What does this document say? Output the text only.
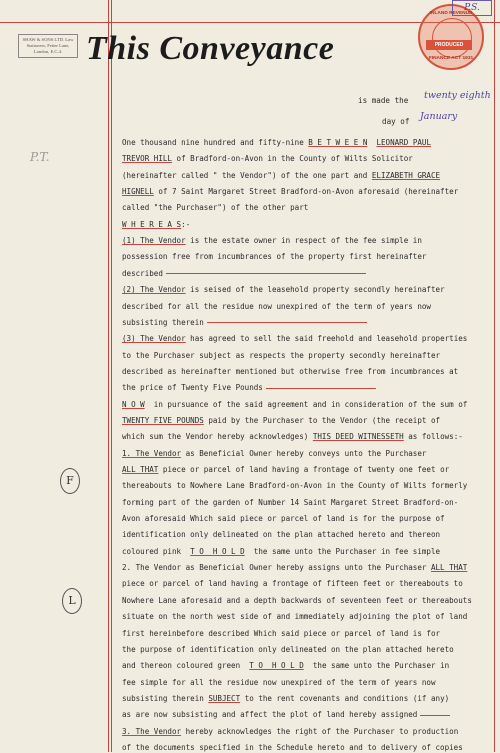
SHAW & SONS LTD. Law Stationers, Fetter Lane, London, E.C.4. This Conveyance
INLAND REVENUE
FINANCE ACT 1931
PRODUCED
P.S.
is made the twenty eighth
day of January
P.T.
F
L
One thousand nine hundred and fifty-nine B E T W E E N LEONARD PAUL
TREVOR HILL of Bradford-on-Avon in the County of Wilts Solicitor
(hereinafter called " the Vendor") of the one part and ELIZABETH GRACE
HIGNELL of 7 Saint Margaret Street Bradford-on-Avon aforesaid (hereinafter
called "the Purchaser") of the other part
W H E R E A S:-
(1) The Vendor is the estate owner in respect of the fee simple in
possession free from incumbrances of the property first hereinafter
described
(2) The Vendor is seised of the leasehold property secondly hereinafter
described for all the residue now unexpired of the term of years now
subsisting therein
(3) The Vendor has agreed to sell the said freehold and leasehold properties
to the Purchaser subject as respects the property secondly hereinafter
described as hereinafter mentioned but otherwise free from incumbrances at
the price of Twenty Five Pounds
N O W  in pursuance of the said agreement and in consideration of the sum of
TWENTY FIVE POUNDS paid by the Purchaser to the Vendor (the receipt of
which sum the Vendor hereby acknowledges) THIS DEED WITNESSETH as follows:-
1. The Vendor as Beneficial Owner hereby conveys unto the Purchaser
ALL THAT piece or parcel of land having a frontage of twenty one feet or
thereabouts to Nowhere Lane Bradford-on-Avon in the County of Wilts formerly
forming part of the garden of Number 14 Saint Margaret Street Bradford-on-
Avon aforesaid Which said piece or parcel of land is for the purpose of
identification only delineated on the plan attached hereto and thereon
coloured pink  T O  H O L D  the same unto the Purchaser in fee simple
2. The Vendor as Beneficial Owner hereby assigns unto the Purchaser ALL THAT
piece or parcel of land having a frontage of fifteen feet or thereabouts to
Nowhere Lane aforesaid and a depth backwards of seventeen feet or thereabouts
situate on the north west side of and immediately adjoining the plot of land
first hereinbefore described Which said piece or parcel of land is for
the purpose of identification only delineated on the plan attached hereto
and thereon coloured green  T O  H O L D  the same unto the Purchaser in
fee simple for all the residue now unexpired of the term of years now
subsisting therein SUBJECT to the rent covenants and conditions (if any)
as are now subsisting and affect the plot of land hereby assigned
3. The Vendor hereby acknowledges the right of the Purchaser to production
of the documents specified in the Schedule hereto and to delivery of copies
